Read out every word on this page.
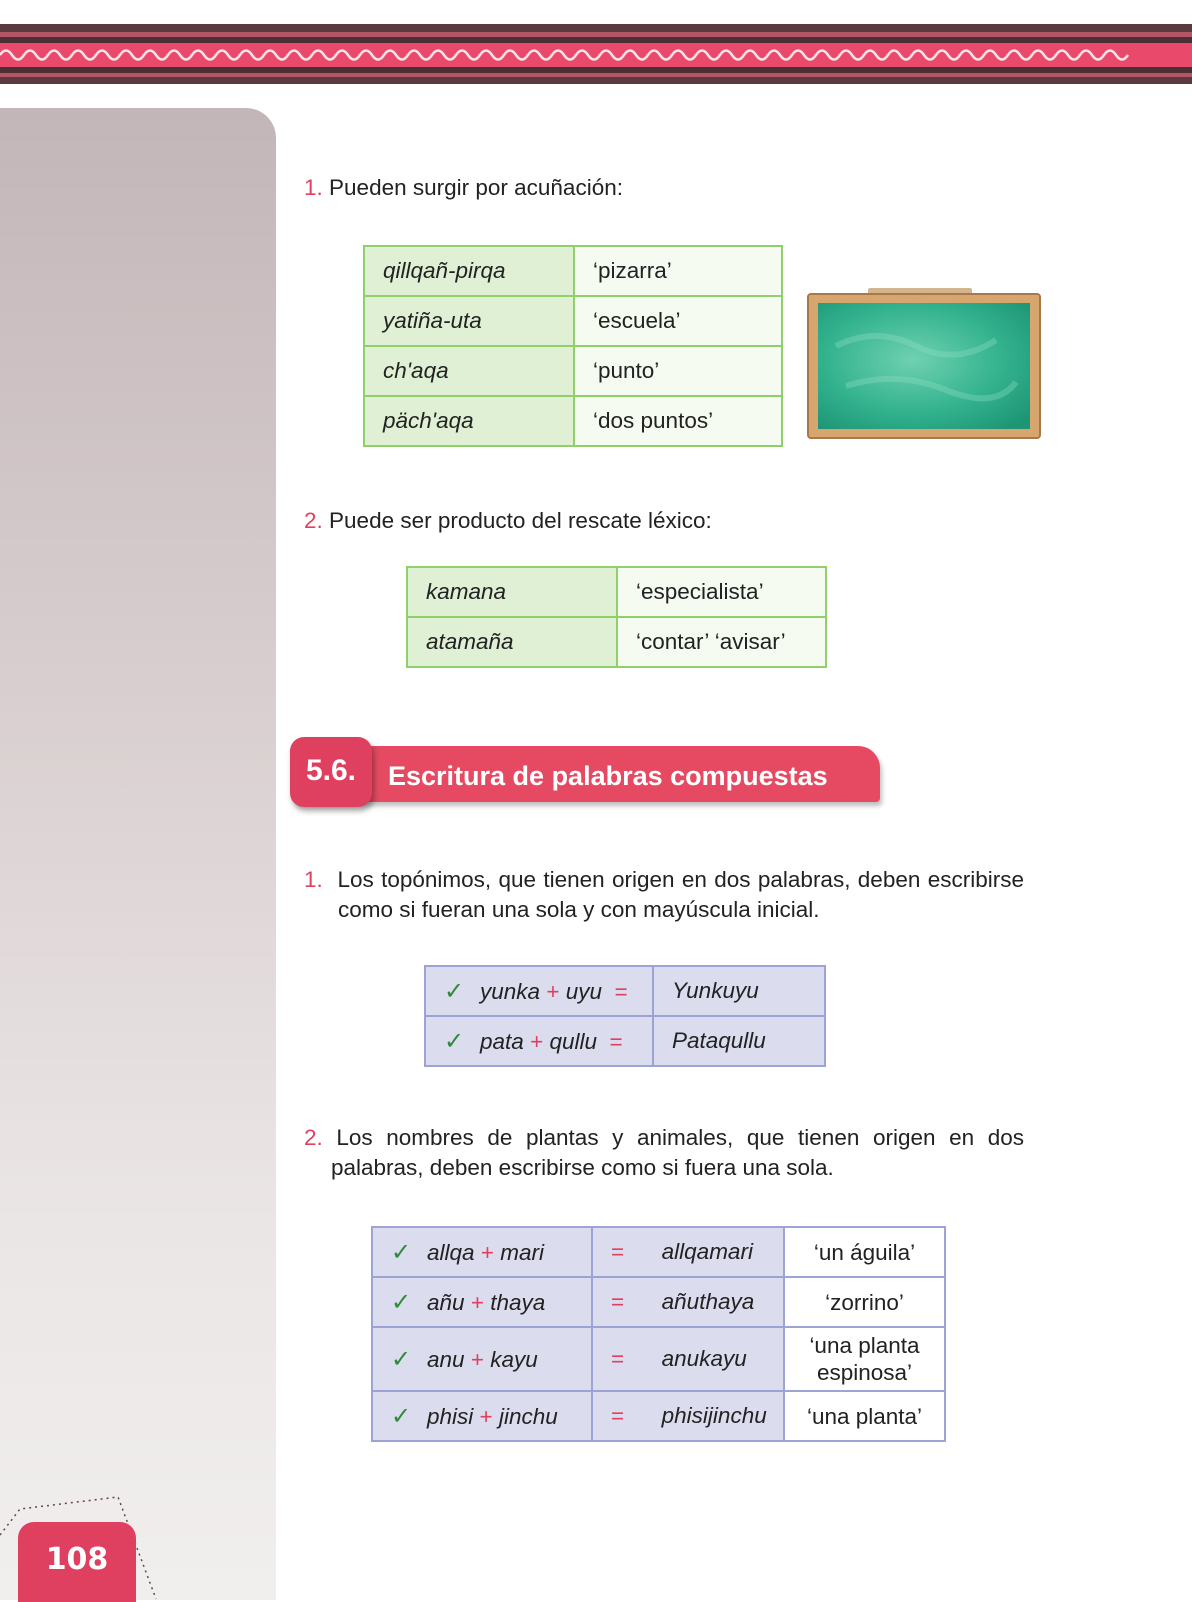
108
1. Pueden surgir por acuñación:
qillqañ-pirqa	‘pizarra’
yatiña-uta	‘escuela’
ch'aqa	‘punto’
päch'aqa	‘dos puntos’
2. Puede ser producto del rescate léxico:
kamana	‘especialista’
atamaña	‘contar’ ‘avisar’
5.6.	Escritura de palabras compuestas
1. Los topónimos, que tienen origen en dos palabras, deben escribirse como si fueran una sola y con mayúscula inicial.
✓ yunka + uyu =	Yunkuyu
✓ pata + qullu =	Pataqullu
2. Los nombres de plantas y animales, que tienen origen en dos palabras, deben escribirse como si fuera una sola.
✓ allqa + mari	= allqamari	‘un águila’
✓ añu + thaya	= añuthaya	‘zorrino’
✓ anu + kayu	= anukayu	‘una planta
espinosa’
✓ phisi + jinchu	= phisijinchu	‘una planta’
